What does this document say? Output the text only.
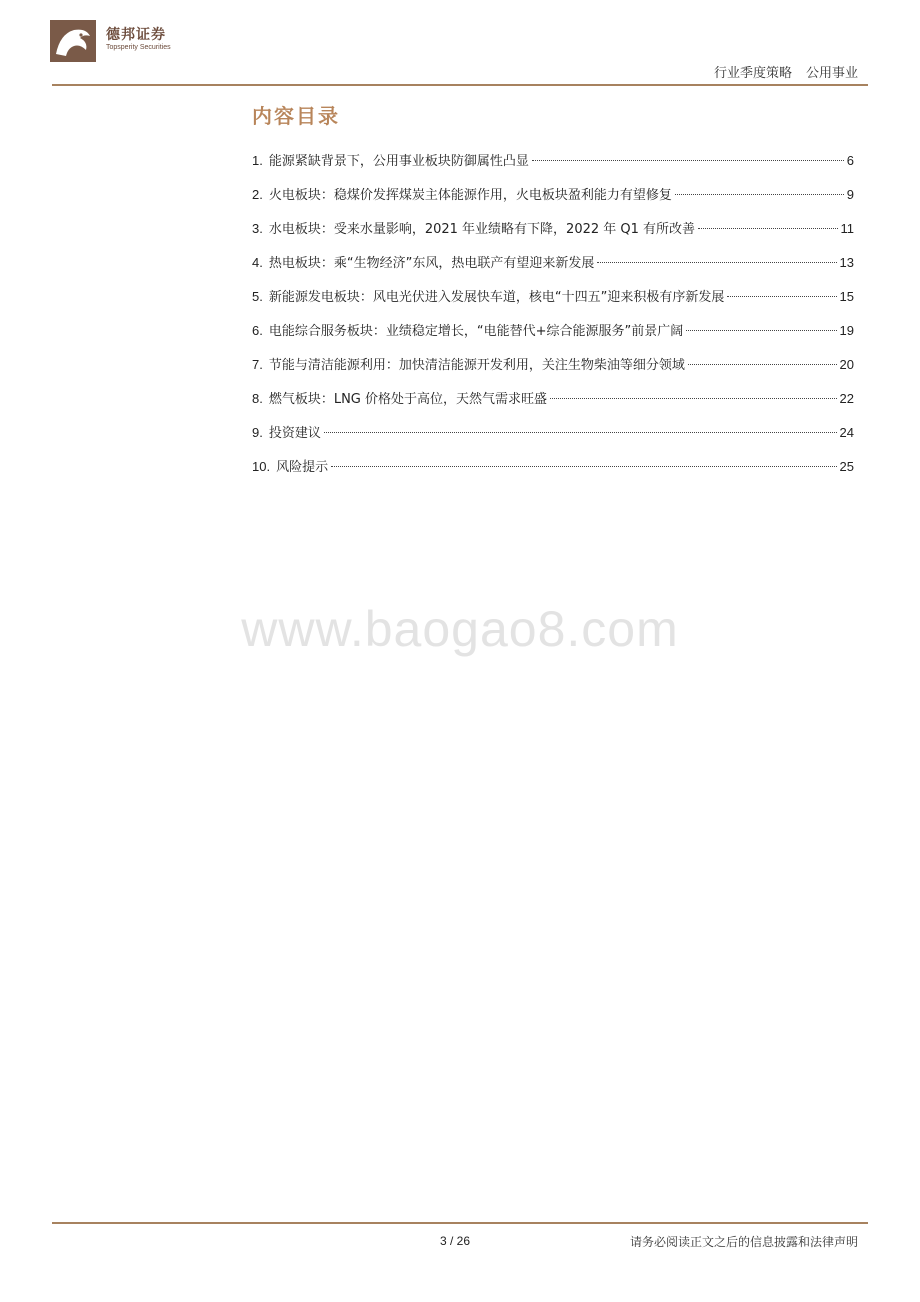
德邦证券
Topsperity Securities
行业季度策略 公用事业
内容目录
1. 能源紧缺背景下，公用事业板块防御属性凸显	6
2. 火电板块：稳煤价发挥煤炭主体能源作用，火电板块盈利能力有望修复	9
3. 水电板块：受来水量影响，2021 年业绩略有下降，2022 年 Q1 有所改善	11
4. 热电板块：乘“生物经济”东风，热电联产有望迎来新发展	13
5. 新能源发电板块：风电光伏进入发展快车道，核电“十四五”迎来积极有序新发展	15
6. 电能综合服务板块：业绩稳定增长，“电能替代+综合能源服务”前景广阔	19
7. 节能与清洁能源利用：加快清洁能源开发利用，关注生物柴油等细分领域	20
8. 燃气板块：LNG 价格处于高位，天然气需求旺盛	22
9. 投资建议	24
10. 风险提示	25
www.baogao8.com
3 / 26	请务必阅读正文之后的信息披露和法律声明
